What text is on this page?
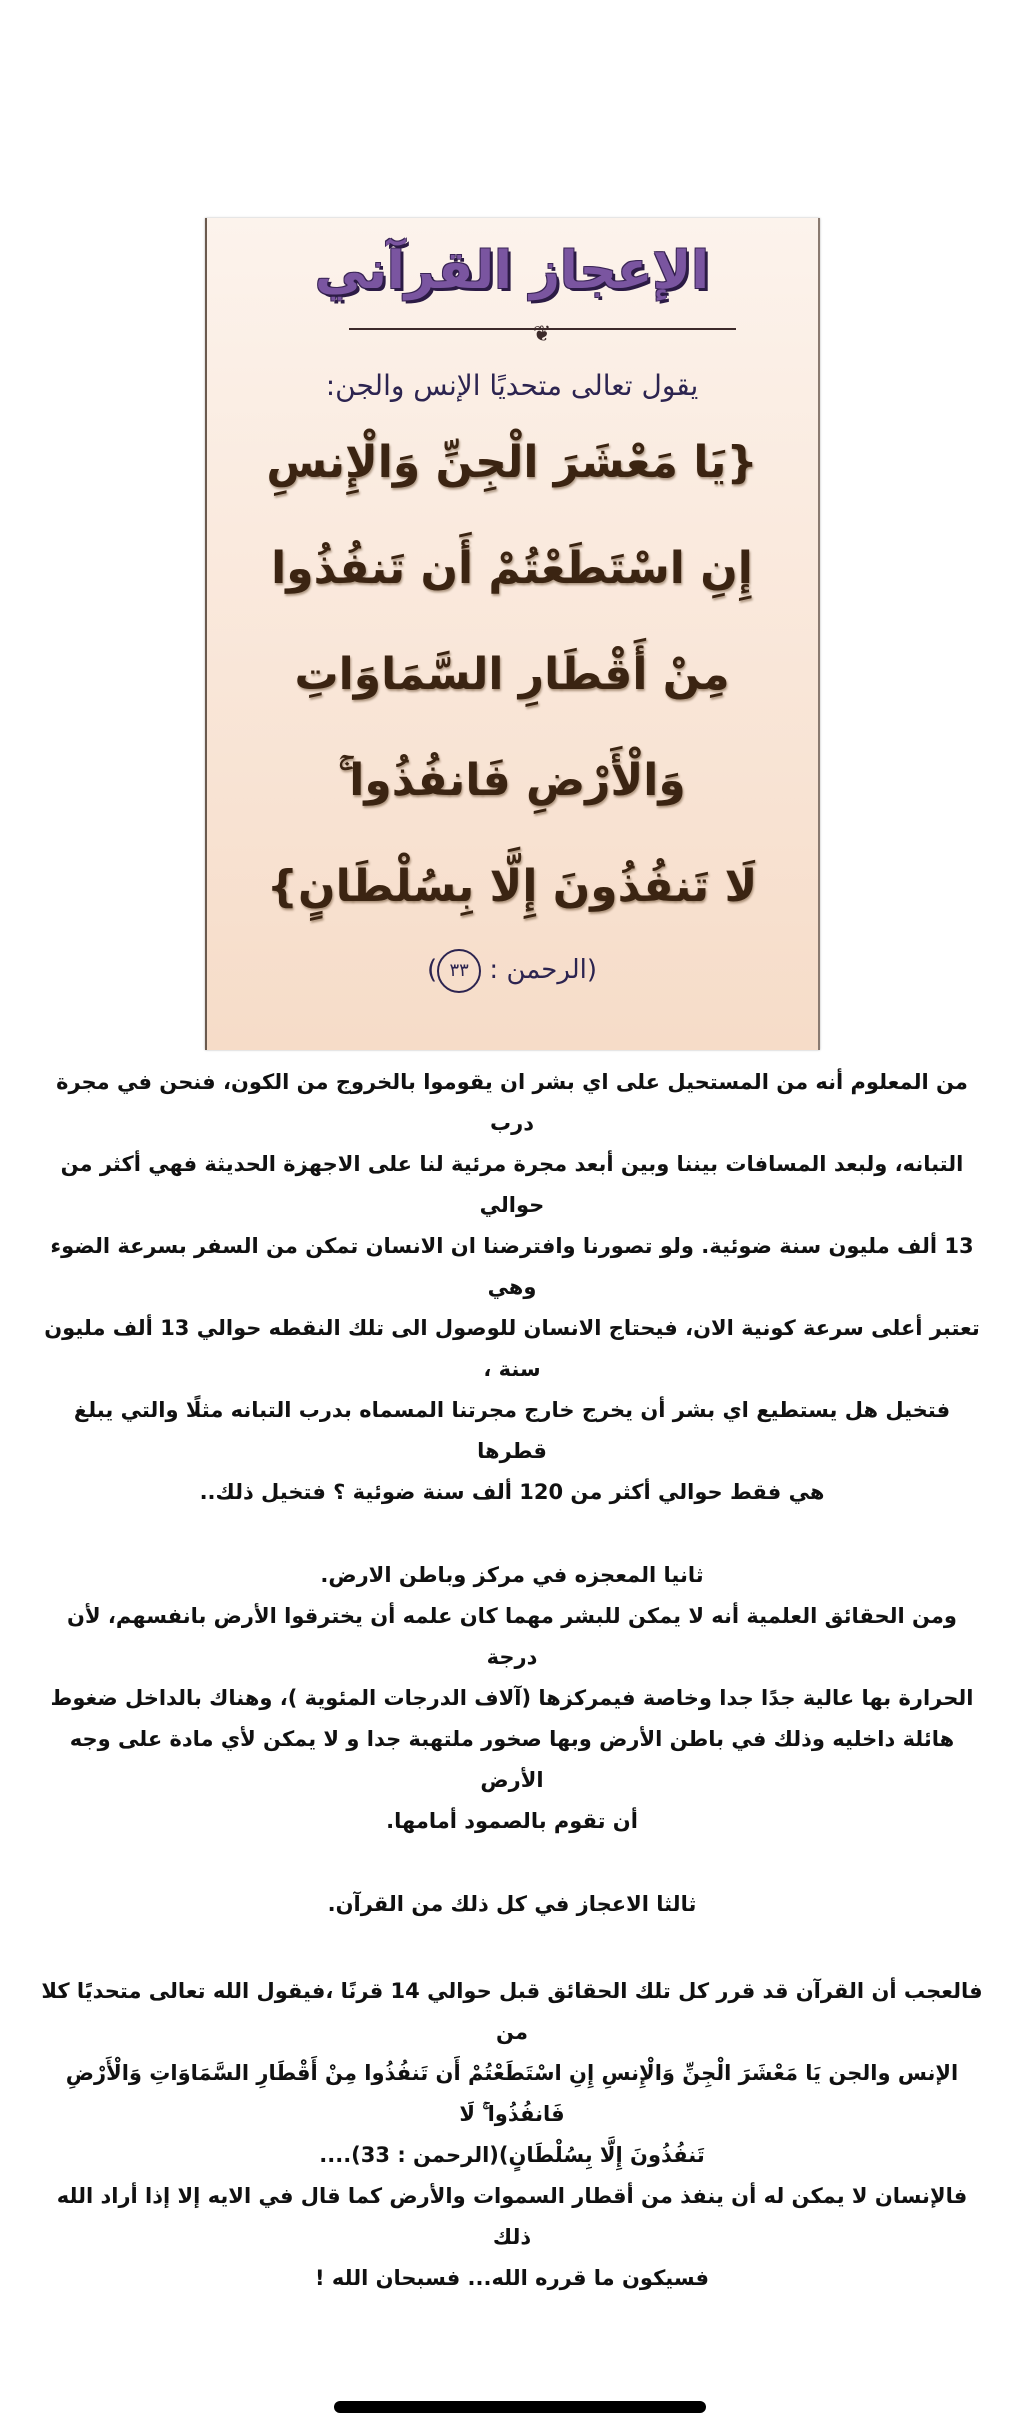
الإعجاز القرآني
❦
يقول تعالى متحديًا الإنس والجن:
{يَا مَعْشَرَ الْجِنِّ وَالْإِنسِ
إِنِ اسْتَطَعْتُمْ أَن تَنفُذُوا
مِنْ أَقْطَارِ السَّمَاوَاتِ
وَالْأَرْضِ فَانفُذُوا ۚ
لَا تَنفُذُونَ إِلَّا بِسُلْطَانٍ}
(الرحمن : ٣٣)
من المعلوم أنه من المستحيل على اي بشر ان يقوموا بالخروج من الكون، فنحن في مجرة درب
التبانه، ولبعد المسافات بيننا وبين أبعد مجرة مرئية لنا على الاجهزة الحديثة فهي أكثر من حوالي
13 ألف مليون سنة ضوئية. ولو تصورنا وافترضنا ان الانسان تمكن من السفر بسرعة الضوء وهي
تعتبر أعلى سرعة كونية الان، فيحتاج الانسان للوصول الى تلك النقطه حوالي 13 ألف مليون سنة ،
فتخيل هل يستطيع اي بشر أن يخرج خارج مجرتنا المسماه بدرب التبانه مثلًا والتي يبلغ قطرها
هي فقط حوالي أكثر من 120 ألف سنة ضوئية ؟ فتخيل ذلك..
ثانيا المعجزه في مركز وباطن الارض.
ومن الحقائق العلمية أنه لا يمكن للبشر مهما كان علمه أن يخترقوا الأرض بانفسهم، لأن درجة
الحرارة بها عالية جدًا جدا وخاصة فيمركزها (آلاف الدرجات المئوية )، وهناك بالداخل ضغوط
هائلة داخليه وذلك في باطن الأرض وبها صخور ملتهبة جدا و لا يمكن لأي مادة على وجه الأرض
أن تقوم بالصمود أمامها.
ثالثا الاعجاز في كل ذلك من القرآن.
فالعجب أن القرآن قد قرر كل تلك الحقائق قبل حوالي 14 قرنًا ،فيقول الله تعالى متحديًا كلا من
الإنس والجن يَا مَعْشَرَ الْجِنِّ وَالْإِنسِ إِنِ اسْتَطَعْتُمْ أَن تَنفُذُوا مِنْ أَقْطَارِ السَّمَاوَاتِ وَالْأَرْضِ فَانفُذُوا ۚ لَا
تَنفُذُونَ إِلَّا بِسُلْطَانٍ)(الرحمن : 33)....
فالإنسان لا يمكن له أن ينفذ من أقطار السموات والأرض كما قال في الايه إلا إذا أراد الله ذلك
فسيكون ما قرره الله... فسبحان الله !
